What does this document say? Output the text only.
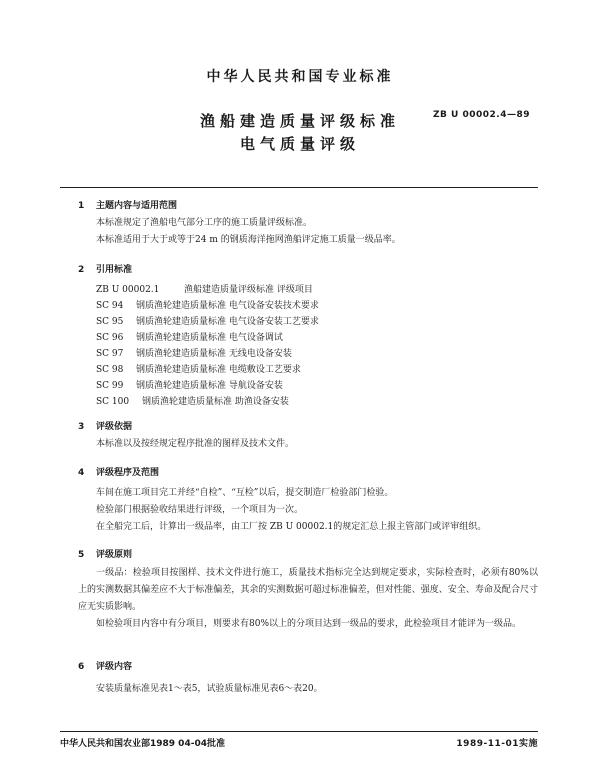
中华人民共和国专业标准
渔船建造质量评级标准
电气质量评级
ZB U 00002.4—89
1 主题内容与适用范围
本标准规定了渔船电气部分工序的施工质量评级标准。
本标准适用于大于或等于24 m 的钢质海洋拖网渔船评定施工质量一级品率。
2 引用标准
ZB U 00002.1	渔船建造质量评级标准 评级项目
SC 94 钢质渔轮建造质量标准 电气设备安装技术要求
SC 95 钢质渔轮建造质量标准 电气设备安装工艺要求
SC 96 钢质渔轮建造质量标准 电气设备调试
SC 97 钢质渔轮建造质量标准 无线电设备安装
SC 98 钢质渔轮建造质量标准 电缆敷设工艺要求
SC 99 钢质渔轮建造质量标准 导航设备安装
SC 100 钢质渔轮建造质量标准 助渔设备安装
3 评级依据
本标准以及按经规定程序批准的图样及技术文件。
4 评级程序及范围
车间在施工项目完工并经“自检”、“互检”以后，提交制造厂检验部门检验。
检验部门根据验收结果进行评级，一个项目为一次。
在全船完工后，计算出一级品率，由工厂按 ZB U 00002.1的规定汇总上报主管部门或评审组织。
5 评级原则
一级品：检验项目按图样、技术文件进行施工，质量技术指标完全达到规定要求，实际检查时，必须有80%以上的实测数据其偏差应不大于标准偏差，其余的实测数据可超过标准偏差，但对性能、强度、安全、寿命及配合尺寸应无实质影响。
如检验项目内容中有分项目，则要求有80%以上的分项目达到一级品的要求，此检验项目才能评为一级品。
6 评级内容
安装质量标准见表1～表5，试验质量标准见表6～表20。
中华人民共和国农业部1989 04-04批准	1989-11-01实施
